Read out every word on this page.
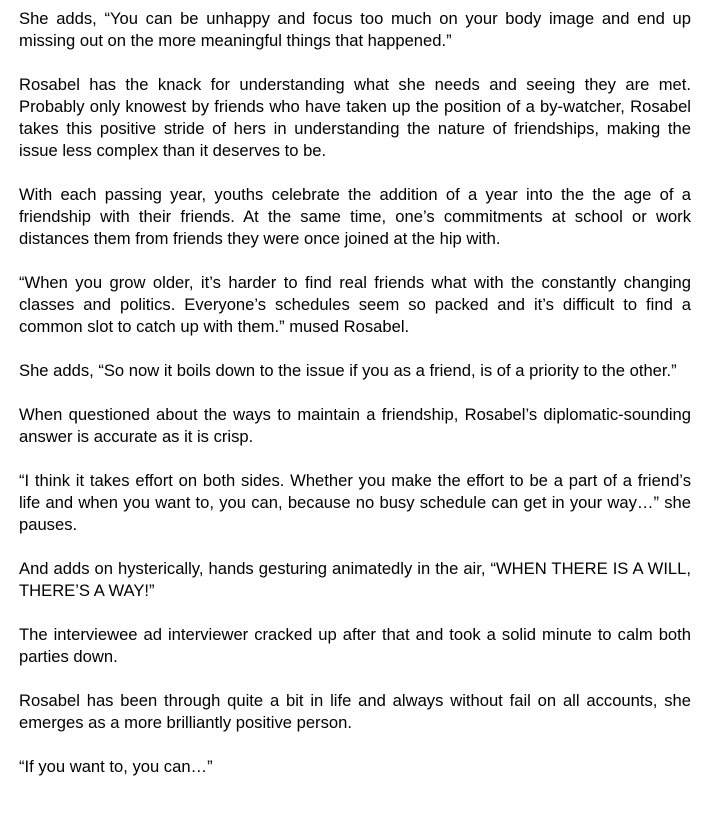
She adds, “You can be unhappy and focus too much on your body image and end up missing out on the more meaningful things that happened.”

Rosabel has the knack for understanding what she needs and seeing they are met. Probably only knowest by friends who have taken up the position of a by-watcher, Rosabel takes this positive stride of hers in understanding the nature of friendships, making the issue less complex than it deserves to be.

With each passing year, youths celebrate the addition of a year into the the age of a friendship with their friends. At the same time, one’s commitments at school or work distances them from friends they were once joined at the hip with.

“When you grow older, it’s harder to find real friends what with the constantly changing classes and politics. Everyone’s schedules seem so packed and it’s difficult to find a common slot to catch up with them.” mused Rosabel.

She adds, “So now it boils down to the issue if you as a friend, is of a priority to the other.”

When questioned about the ways to maintain a friendship, Rosabel’s diplomatic-sounding answer is accurate as it is crisp.

“I think it takes effort on both sides. Whether you make the effort to be a part of a friend’s life and when you want to, you can, because no busy schedule can get in your way…” she pauses.

And adds on hysterically, hands gesturing animatedly in the air, “WHEN THERE IS A WILL, THERE’S A WAY!”

The interviewee ad interviewer cracked up after that and took a solid minute to calm both parties down.

Rosabel has been through quite a bit in life and always without fail on all accounts, she emerges as a more brilliantly positive person.

“If you want to, you can…”
